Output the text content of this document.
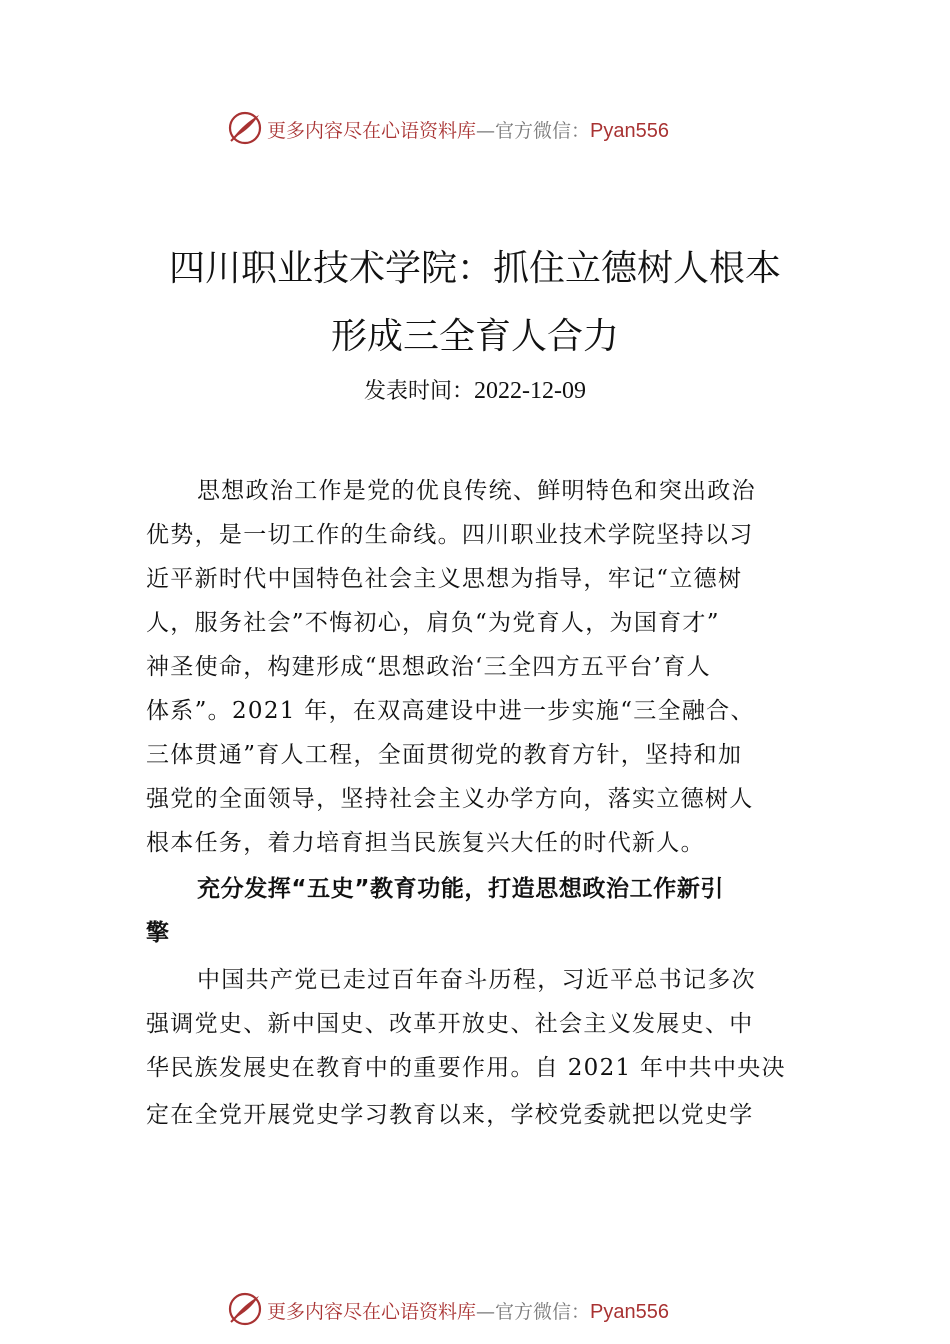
更多内容尽在心语资料库—官方微信：Pyan556
四川职业技术学院：抓住立德树人根本
形成三全育人合力
发表时间：2022-12-09
思想政治工作是党的优良传统、鲜明特色和突出政治
优势，是一切工作的生命线。四川职业技术学院坚持以习
近平新时代中国特色社会主义思想为指导，牢记“立德树
人，服务社会”不悔初心，肩负“为党育人，为国育才”
神圣使命，构建形成“思想政治‘三全四方五平台’育人
体系”。2021 年，在双高建设中进一步实施“三全融合、
三体贯通”育人工程，全面贯彻党的教育方针，坚持和加
强党的全面领导，坚持社会主义办学方向，落实立德树人
根本任务，着力培育担当民族复兴大任的时代新人。
充分发挥“五史”教育功能，打造思想政治工作新引
擎
中国共产党已走过百年奋斗历程，习近平总书记多次
强调党史、新中国史、改革开放史、社会主义发展史、中
华民族发展史在教育中的重要作用。自 2021 年中共中央决
定在全党开展党史学习教育以来，学校党委就把以党史学
更多内容尽在心语资料库—官方微信：Pyan556
